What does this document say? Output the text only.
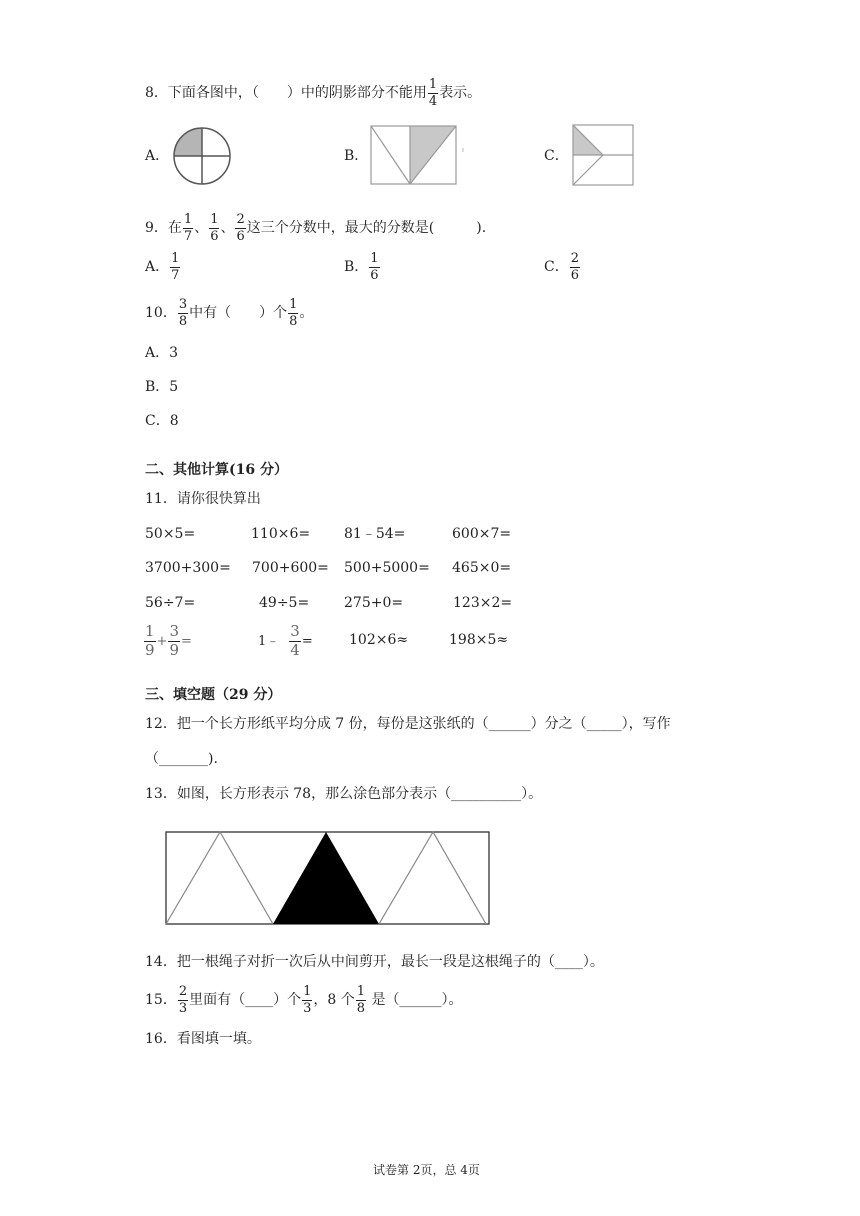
8．下面各图中，（　　）中的阴影部分不能用 $\frac{1}{4}$ 表示。
A．	B．	C．
9．在 $\frac{1}{7}$ 、 $\frac{1}{6}$ 、 $\frac{2}{6}$ 这三个分数中，最大的分数是(　　　).
A． $\frac{1}{7}$	B． $\frac{1}{6}$	C． $\frac{2}{6}$
10． $\frac{3}{8}$ 中有（　　）个 $\frac{1}{8}$ 。
A．3
B．5
C．8
二、其他计算(16 分）
11．请你很快算出
50×5=	110×6= 81﹣54=	600×7=
3700+300= 700+600= 500+5000= 465×0=
56÷7=	49÷5= 275+0=	123×2=
$\frac{1}{9} + \frac{3}{9}$ =	1﹣ $\frac{3}{4}$ =	102×6≈	198×5≈
三、填空题（29 分）
12．把一个长方形纸平均分成 7 份，每份是这张纸的（______）分之（_____），写作
（_______).
13．如图，长方形表示 78，那么涂色部分表示（__________）。
14．把一根绳子对折一次后从中间剪开，最长一段是这根绳子的（____）。
15． $\frac{2}{3}$ 里面有（____）个 $\frac{1}{3}$ ，8 个 $\frac{1}{8}$ 是（______）。
16．看图填一填。
试卷第 2页，总 4页
